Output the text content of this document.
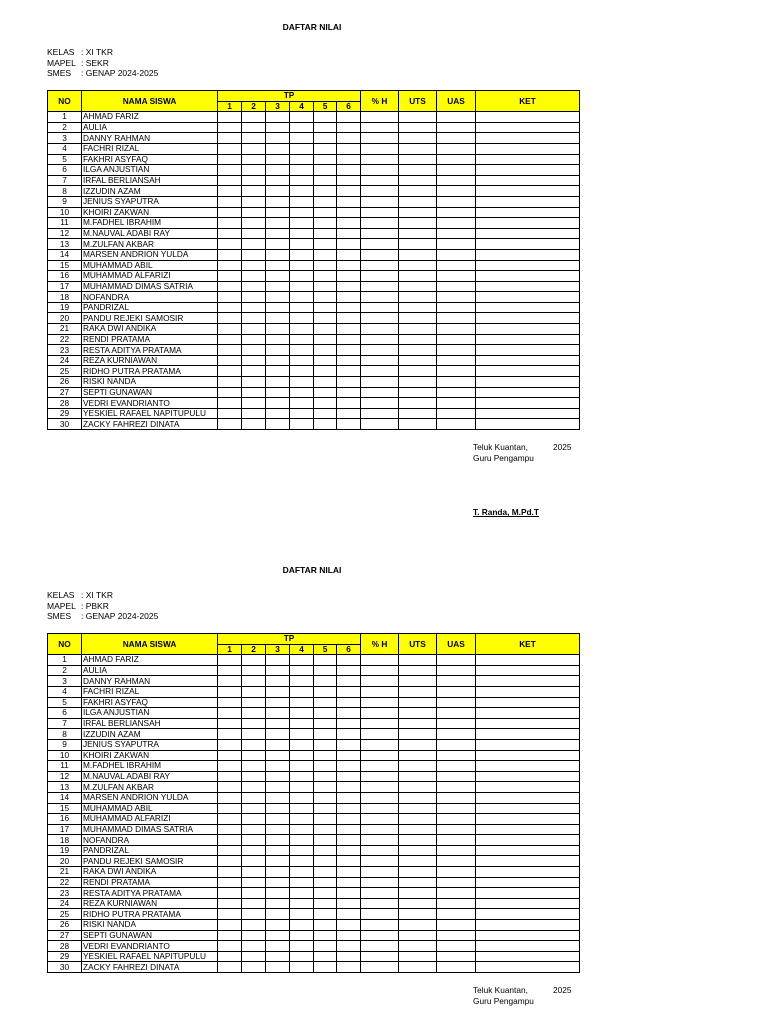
DAFTAR NILAI
KELAS : XI TKR
MAPEL : SEKR
SMES : GENAP 2024-2025
NO	NAMA SISWA	TP						% H	UTS	UAS	KET
		1	2	3	4	5	6				
1	AHMAD FARIZ										
2	AULIA										
3	DANNY RAHMAN										
4	FACHRI RIZAL										
5	FAKHRI ASYFAQ										
6	ILGA ANJUSTIAN										
7	IRFAL BERLIANSAH										
8	IZZUDIN AZAM										
9	JENIUS SYAPUTRA										
10	KHOIRI ZAKWAN										
11	M.FADHEL IBRAHIM										
12	M.NAUVAL ADABI RAY										
13	M.ZULFAN AKBAR										
14	MARSEN ANDRION YULDA										
15	MUHAMMAD ABIL										
16	MUHAMMAD ALFARIZI										
17	MUHAMMAD DIMAS SATRIA										
18	NOFANDRA										
19	PANDRIZAL										
20	PANDU REJEKI SAMOSIR										
21	RAKA DWI ANDIKA										
22	RENDI PRATAMA										
23	RESTA ADITYA PRATAMA										
24	REZA KURNIAWAN										
25	RIDHO PUTRA PRATAMA										
26	RISKI NANDA										
27	SEPTI GUNAWAN										
28	VEDRI EVANDRIANTO										
29	YESKIEL RAFAEL NAPITUPULU										
30	ZACKY FAHREZI DINATA										
Teluk Kuantan,	2025
Guru Pengampu
T. Randa, M.Pd.T
DAFTAR NILAI
KELAS : XI TKR
MAPEL : PBKR
SMES : GENAP 2024-2025
NO	NAMA SISWA	TP						% H	UTS	UAS	KET
		1	2	3	4	5	6				
1	AHMAD FARIZ										
2	AULIA										
3	DANNY RAHMAN										
4	FACHRI RIZAL										
5	FAKHRI ASYFAQ										
6	ILGA ANJUSTIAN										
7	IRFAL BERLIANSAH										
8	IZZUDIN AZAM										
9	JENIUS SYAPUTRA										
10	KHOIRI ZAKWAN										
11	M.FADHEL IBRAHIM										
12	M.NAUVAL ADABI RAY										
13	M.ZULFAN AKBAR										
14	MARSEN ANDRION YULDA										
15	MUHAMMAD ABIL										
16	MUHAMMAD ALFARIZI										
17	MUHAMMAD DIMAS SATRIA										
18	NOFANDRA										
19	PANDRIZAL										
20	PANDU REJEKI SAMOSIR										
21	RAKA DWI ANDIKA										
22	RENDI PRATAMA										
23	RESTA ADITYA PRATAMA										
24	REZA KURNIAWAN										
25	RIDHO PUTRA PRATAMA										
26	RISKI NANDA										
27	SEPTI GUNAWAN										
28	VEDRI EVANDRIANTO										
29	YESKIEL RAFAEL NAPITUPULU										
30	ZACKY FAHREZI DINATA										
Teluk Kuantan,	2025
Guru Pengampu
